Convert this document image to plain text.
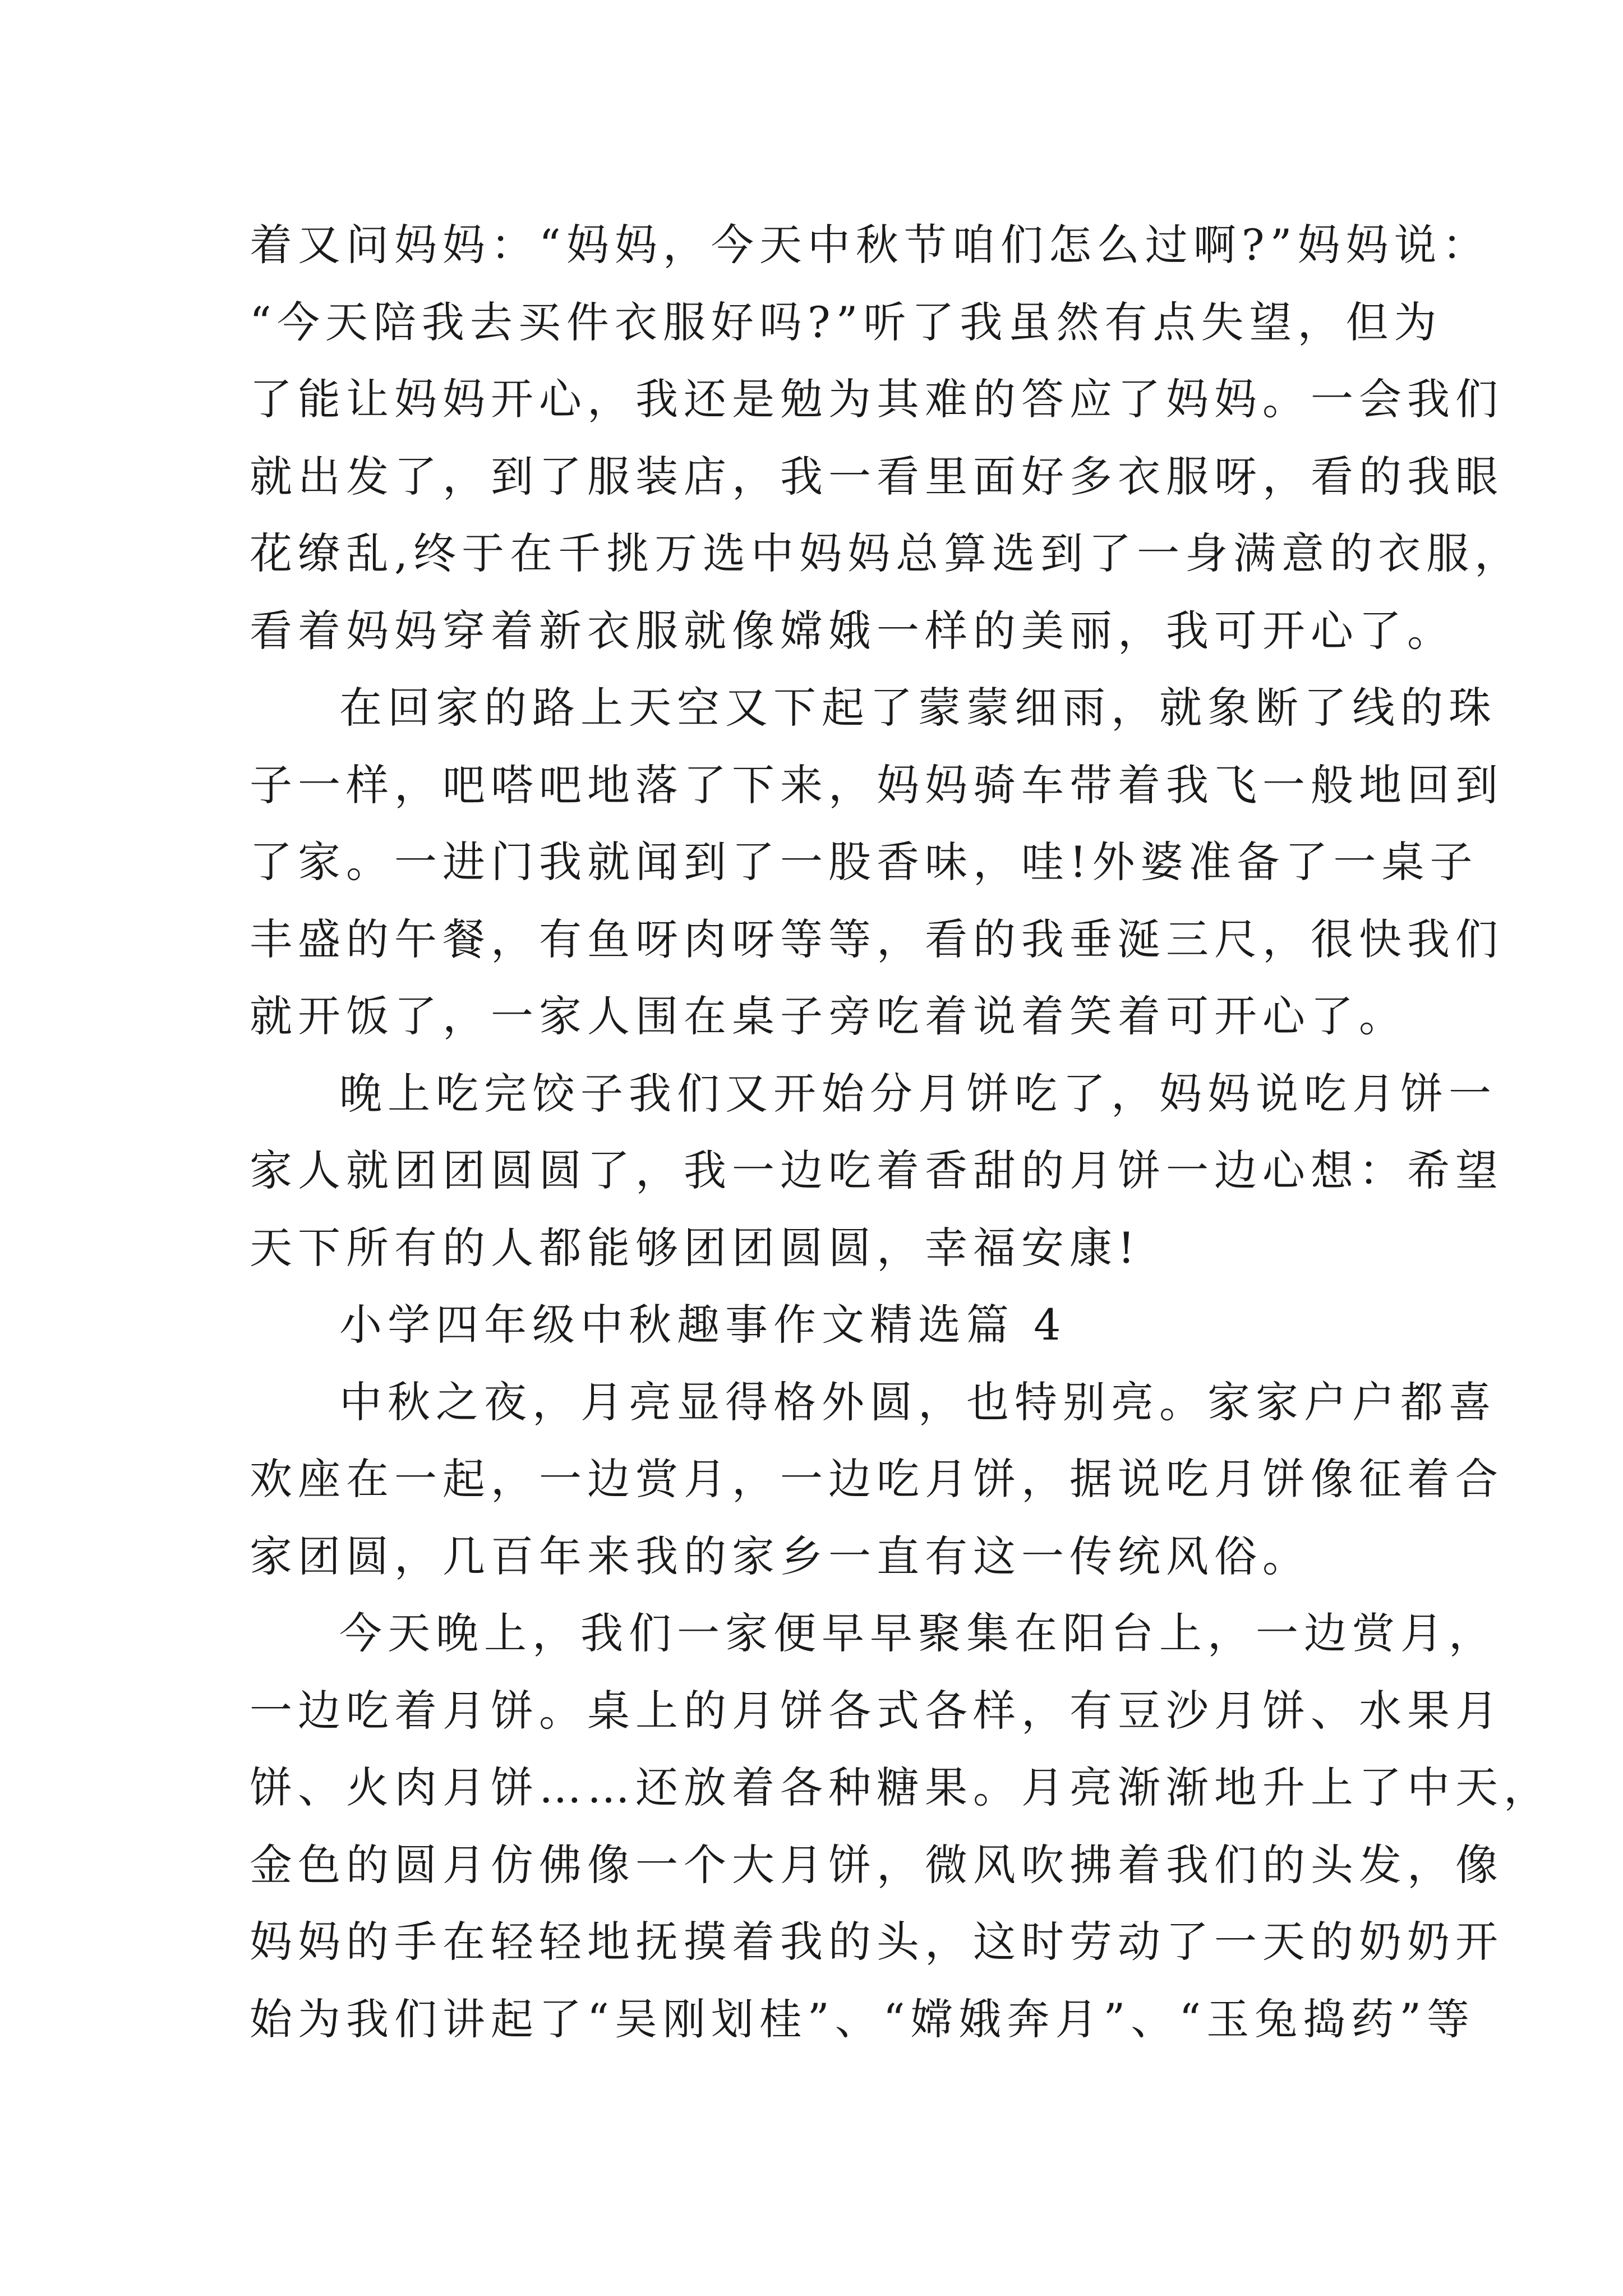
着又问妈妈：“妈妈，今天中秋节咱们怎么过啊?”妈妈说：
“今天陪我去买件衣服好吗?”听了我虽然有点失望，但为
了能让妈妈开心，我还是勉为其难的答应了妈妈。一会我们
就出发了，到了服装店，我一看里面好多衣服呀，看的我眼
花缭乱,终于在千挑万选中妈妈总算选到了一身满意的衣服，
看着妈妈穿着新衣服就像嫦娥一样的美丽，我可开心了。
在回家的路上天空又下起了蒙蒙细雨，就象断了线的珠
子一样，吧嗒吧地落了下来，妈妈骑车带着我飞一般地回到
了家。一进门我就闻到了一股香味，哇!外婆准备了一桌子
丰盛的午餐，有鱼呀肉呀等等，看的我垂涎三尺，很快我们
就开饭了，一家人围在桌子旁吃着说着笑着可开心了。
晚上吃完饺子我们又开始分月饼吃了，妈妈说吃月饼一
家人就团团圆圆了，我一边吃着香甜的月饼一边心想：希望
天下所有的人都能够团团圆圆，幸福安康!
小学四年级中秋趣事作文精选篇 4
中秋之夜，月亮显得格外圆，也特别亮。家家户户都喜
欢座在一起，一边赏月，一边吃月饼，据说吃月饼像征着合
家团圆，几百年来我的家乡一直有这一传统风俗。
今天晚上，我们一家便早早聚集在阳台上，一边赏月，
一边吃着月饼。桌上的月饼各式各样，有豆沙月饼、水果月
饼、火肉月饼……还放着各种糖果。月亮渐渐地升上了中天，
金色的圆月仿佛像一个大月饼，微风吹拂着我们的头发，像
妈妈的手在轻轻地抚摸着我的头，这时劳动了一天的奶奶开
始为我们讲起了“吴刚划桂”、“嫦娥奔月”、“玉兔捣药”等
